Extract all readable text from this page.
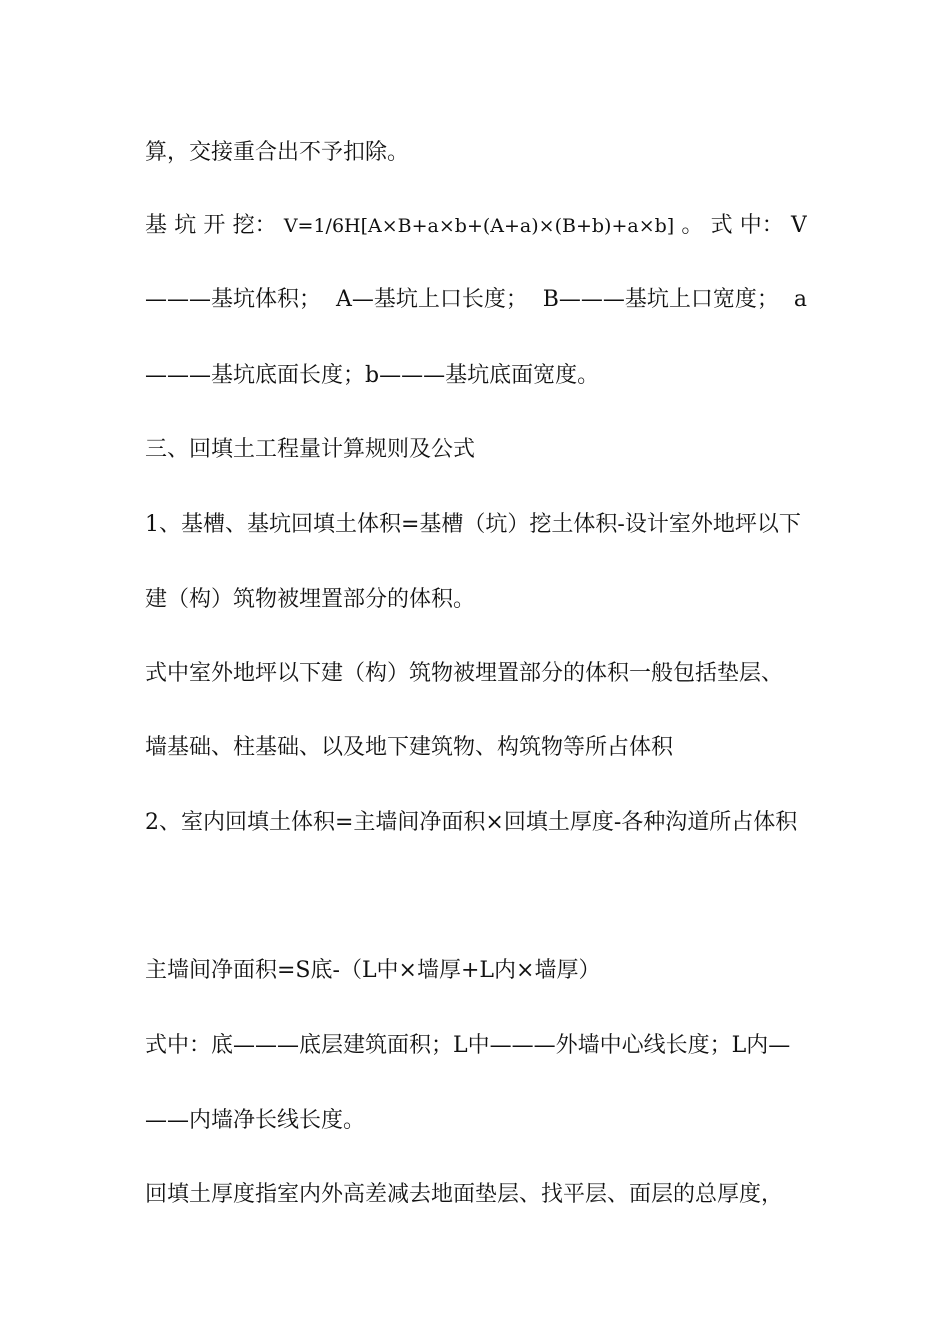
算，交接重合出不予扣除。
基 坑 开 挖： V=1/6H[A×B+a×b+(A+a)×(B+b)+a×b] 。 式 中： V
———基坑体积； A—基坑上口长度； B———基坑上口宽度； a
———基坑底面长度；b———基坑底面宽度。
三、回填土工程量计算规则及公式
1、基槽、基坑回填土体积=基槽（坑）挖土体积-设计室外地坪以下
建（构）筑物被埋置部分的体积。
式中室外地坪以下建（构）筑物被埋置部分的体积一般包括垫层、
墙基础、柱基础、以及地下建筑物、构筑物等所占体积
2、室内回填土体积=主墙间净面积×回填土厚度-各种沟道所占体积
主墙间净面积=S底-（L中×墙厚+L内×墙厚）
式中：底———底层建筑面积；L中———外墙中心线长度；L内—
——内墙净长线长度。
回填土厚度指室内外高差减去地面垫层、找平层、面层的总厚度，
